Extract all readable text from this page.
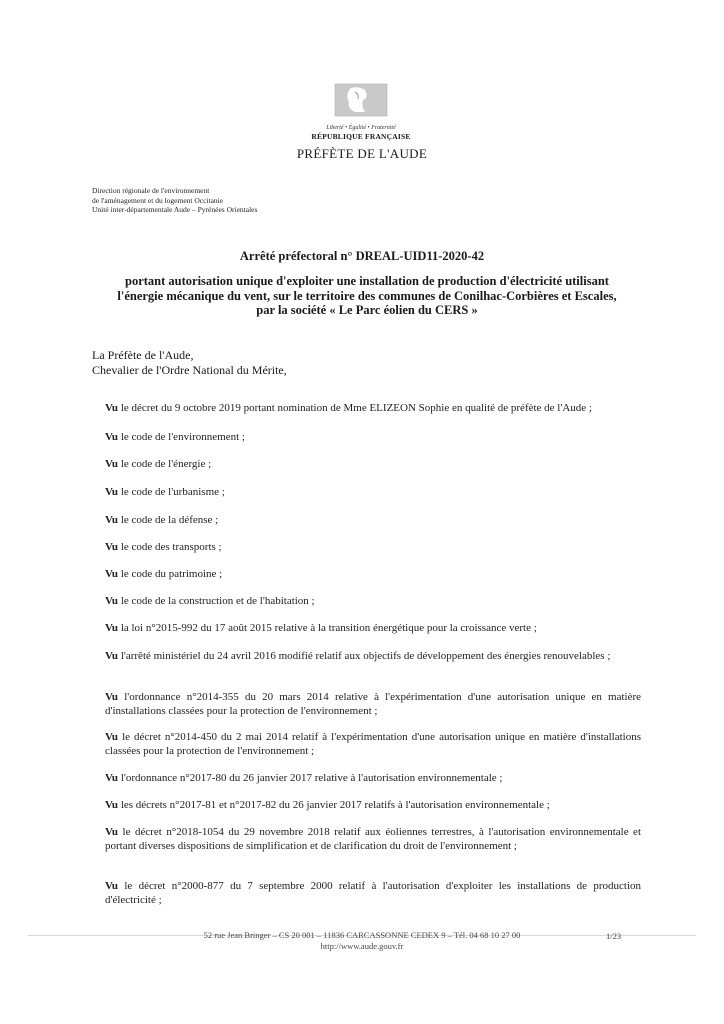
Liberté • Égalité • Fraternité
RÉPUBLIQUE FRANÇAISE
PRÉFÈTE DE L'AUDE
Direction régionale de l'environnement
de l'aménagement et du logement Occitanie
Unité inter-départementale Aude – Pyrénées Orientales
Arrêté préfectoral n° DREAL-UID11-2020-42
portant autorisation unique d'exploiter une installation de production d'électricité utilisant
l'énergie mécanique du vent, sur le territoire des communes de Conilhac-Corbières et Escales,
par la société « Le Parc éolien du CERS »
La Préfète de l'Aude,
Chevalier de l'Ordre National du Mérite,
Vu le décret du 9 octobre 2019 portant nomination de Mme ELIZEON Sophie en qualité de préfète de l'Aude ;
Vu le code de l'environnement ;
Vu le code de l'énergie ;
Vu le code de l'urbanisme ;
Vu le code de la défense ;
Vu le code des transports ;
Vu le code du patrimoine ;
Vu le code de la construction et de l'habitation ;
Vu la loi n°2015-992 du 17 août 2015 relative à la transition énergétique pour la croissance verte ;
Vu l'arrêté ministériel du 24 avril 2016 modifié relatif aux objectifs de développement des énergies renouvelables ;
Vu l'ordonnance n°2014-355 du 20 mars 2014 relative à l'expérimentation d'une autorisation unique en matière d'installations classées pour la protection de l'environnement ;
Vu le décret n°2014-450 du 2 mai 2014 relatif à l'expérimentation d'une autorisation unique en matière d'installations classées pour la protection de l'environnement ;
Vu l'ordonnance n°2017-80 du 26 janvier 2017 relative à l'autorisation environnementale ;
Vu les décrets n°2017-81 et n°2017-82 du 26 janvier 2017 relatifs à l'autorisation environnementale ;
Vu le décret n°2018-1054 du 29 novembre 2018 relatif aux éoliennes terrestres, à l'autorisation environnementale et portant diverses dispositions de simplification et de clarification du droit de l'environnement ;
Vu le décret n°2000-877 du 7 septembre 2000 relatif à l'autorisation d'exploiter les installations de production d'électricité ;
52 rue Jean Bringer – CS 20 001 – 11836 CARCASSONNE CEDEX 9 – Tél. 04 68 10 27 00
http://www.aude.gouv.fr
1/23
